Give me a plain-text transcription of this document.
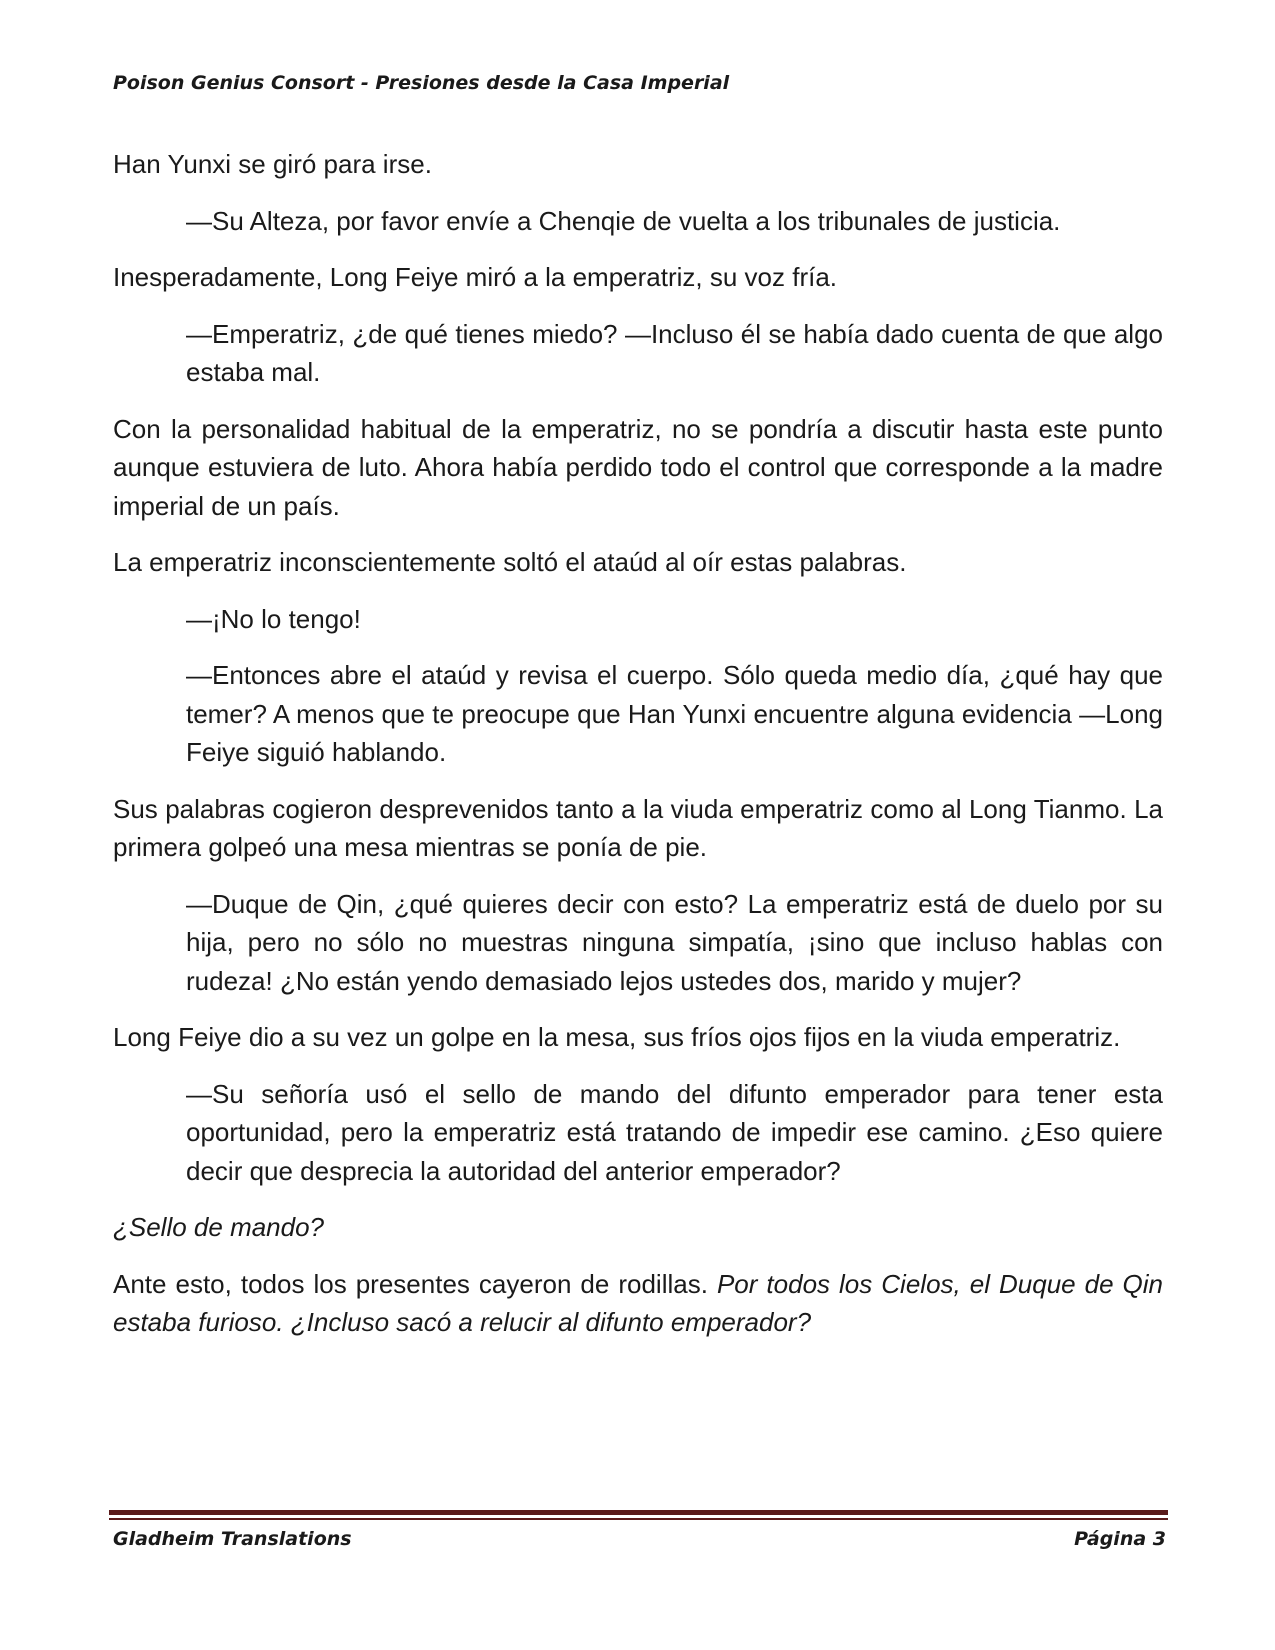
Poison Genius Consort - Presiones desde la Casa Imperial

Han Yunxi se giró para irse.

—Su Alteza, por favor envíe a Chenqie de vuelta a los tribunales de justicia.

Inesperadamente, Long Feiye miró a la emperatriz, su voz fría.

—Emperatriz, ¿de qué tienes miedo? —Incluso él se había dado cuenta de que algo estaba mal.

Con la personalidad habitual de la emperatriz, no se pondría a discutir hasta este punto aunque estuviera de luto. Ahora había perdido todo el control que corresponde a la madre imperial de un país.

La emperatriz inconscientemente soltó el ataúd al oír estas palabras.

—¡No lo tengo!

—Entonces abre el ataúd y revisa el cuerpo. Sólo queda medio día, ¿qué hay que temer? A menos que te preocupe que Han Yunxi encuentre alguna evidencia —Long Feiye siguió hablando.

Sus palabras cogieron desprevenidos tanto a la viuda emperatriz como al Long Tianmo. La primera golpeó una mesa mientras se ponía de pie.

—Duque de Qin, ¿qué quieres decir con esto? La emperatriz está de duelo por su hija, pero no sólo no muestras ninguna simpatía, ¡sino que incluso hablas con rudeza! ¿No están yendo demasiado lejos ustedes dos, marido y mujer?

Long Feiye dio a su vez un golpe en la mesa, sus fríos ojos fijos en la viuda emperatriz.

—Su señoría usó el sello de mando del difunto emperador para tener esta oportunidad, pero la emperatriz está tratando de impedir ese camino. ¿Eso quiere decir que desprecia la autoridad del anterior emperador?

¿Sello de mando?

Ante esto, todos los presentes cayeron de rodillas. Por todos los Cielos, el Duque de Qin estaba furioso. ¿Incluso sacó a relucir al difunto emperador?

Gladheim Translations	Página 3
